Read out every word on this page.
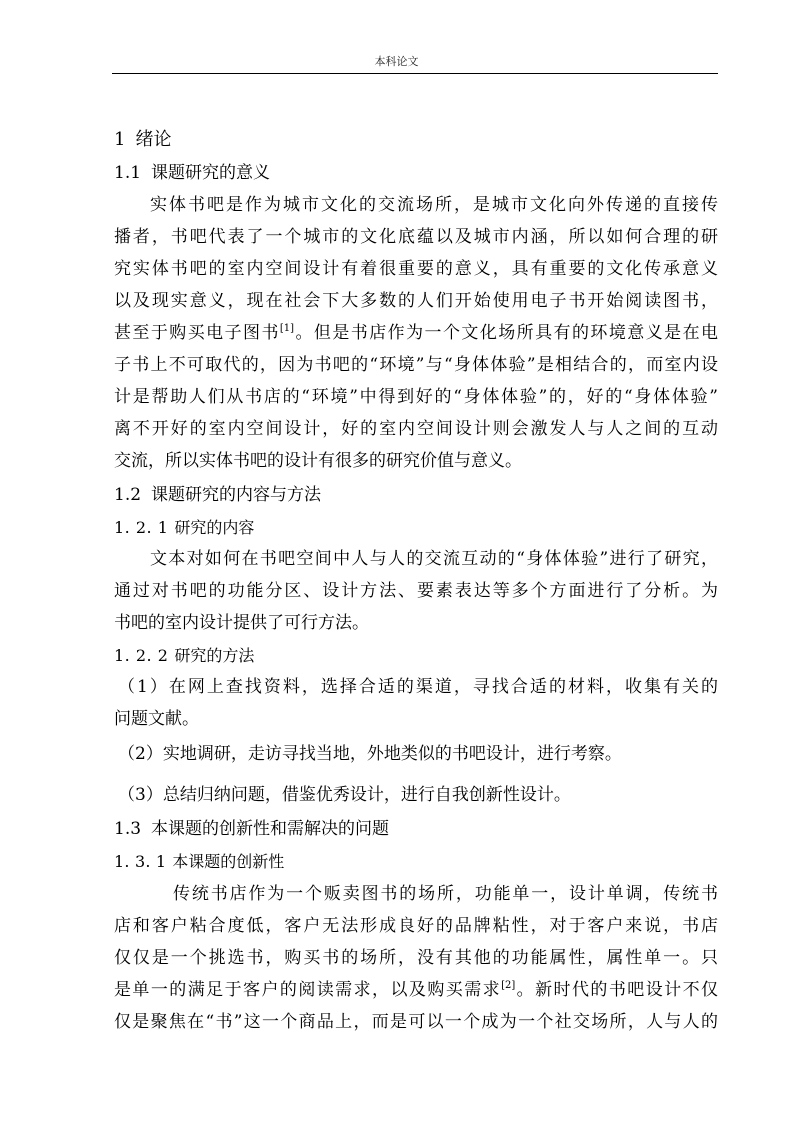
本科论文
1 绪论
1.1 课题研究的意义
实体书吧是作为城市文化的交流场所，是城市文化向外传递的直接传
播者，书吧代表了一个城市的文化底蕴以及城市内涵，所以如何合理的研
究实体书吧的室内空间设计有着很重要的意义，具有重要的文化传承意义
以及现实意义，现在社会下大多数的人们开始使用电子书开始阅读图书，
甚至于购买电子图书[1]。但是书店作为一个文化场所具有的环境意义是在电
子书上不可取代的，因为书吧的“环境”与“身体体验”是相结合的，而室内设
计是帮助人们从书店的“环境”中得到好的“身体体验”的，好的“身体体验”
离不开好的室内空间设计，好的室内空间设计则会激发人与人之间的互动
交流，所以实体书吧的设计有很多的研究价值与意义。
1.2 课题研究的内容与方法
1. 2. 1 研究的内容
文本对如何在书吧空间中人与人的交流互动的“身体体验”进行了研究，
通过对书吧的功能分区、设计方法、要素表达等多个方面进行了分析。为
书吧的室内设计提供了可行方法。
1. 2. 2 研究的方法
（1）在网上查找资料，选择合适的渠道，寻找合适的材料，收集有关的
问题文献。
（2）实地调研，走访寻找当地，外地类似的书吧设计，进行考察。
（3）总结归纳问题，借鉴优秀设计，进行自我创新性设计。
1.3 本课题的创新性和需解决的问题
1. 3. 1 本课题的创新性
传统书店作为一个贩卖图书的场所，功能单一，设计单调，传统书
店和客户粘合度低，客户无法形成良好的品牌粘性，对于客户来说，书店
仅仅是一个挑选书，购买书的场所，没有其他的功能属性，属性单一。只
是单一的满足于客户的阅读需求，以及购买需求[2]。新时代的书吧设计不仅
仅是聚焦在“书”这一个商品上，而是可以一个成为一个社交场所，人与人的
